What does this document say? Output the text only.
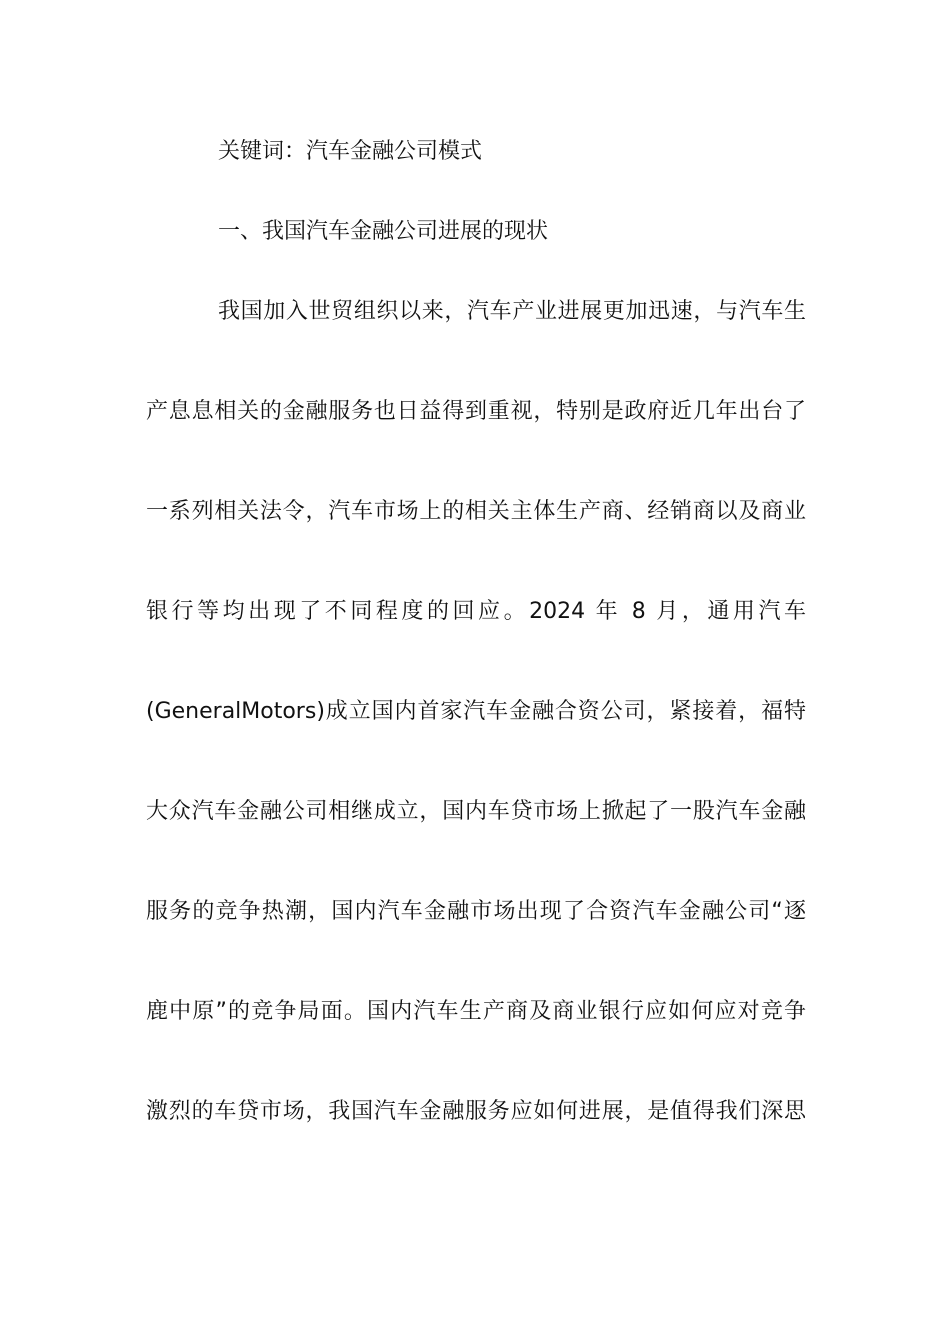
关键词：汽车金融公司模式
一、我国汽车金融公司进展的现状
我国加入世贸组织以来，汽车产业进展更加迅速，与汽车生
产息息相关的金融服务也日益得到重视，特别是政府近几年出台了
一系列相关法令，汽车市场上的相关主体生产商、经销商以及商业
银行等均出现了不同程度的回应。2024 年 8 月，通用汽车
(GeneralMotors)成立国内首家汽车金融合资公司，紧接着，福特
大众汽车金融公司相继成立，国内车贷市场上掀起了一股汽车金融
服务的竞争热潮，国内汽车金融市场出现了合资汽车金融公司“逐
鹿中原”的竞争局面。国内汽车生产商及商业银行应如何应对竞争
激烈的车贷市场，我国汽车金融服务应如何进展，是值得我们深思
